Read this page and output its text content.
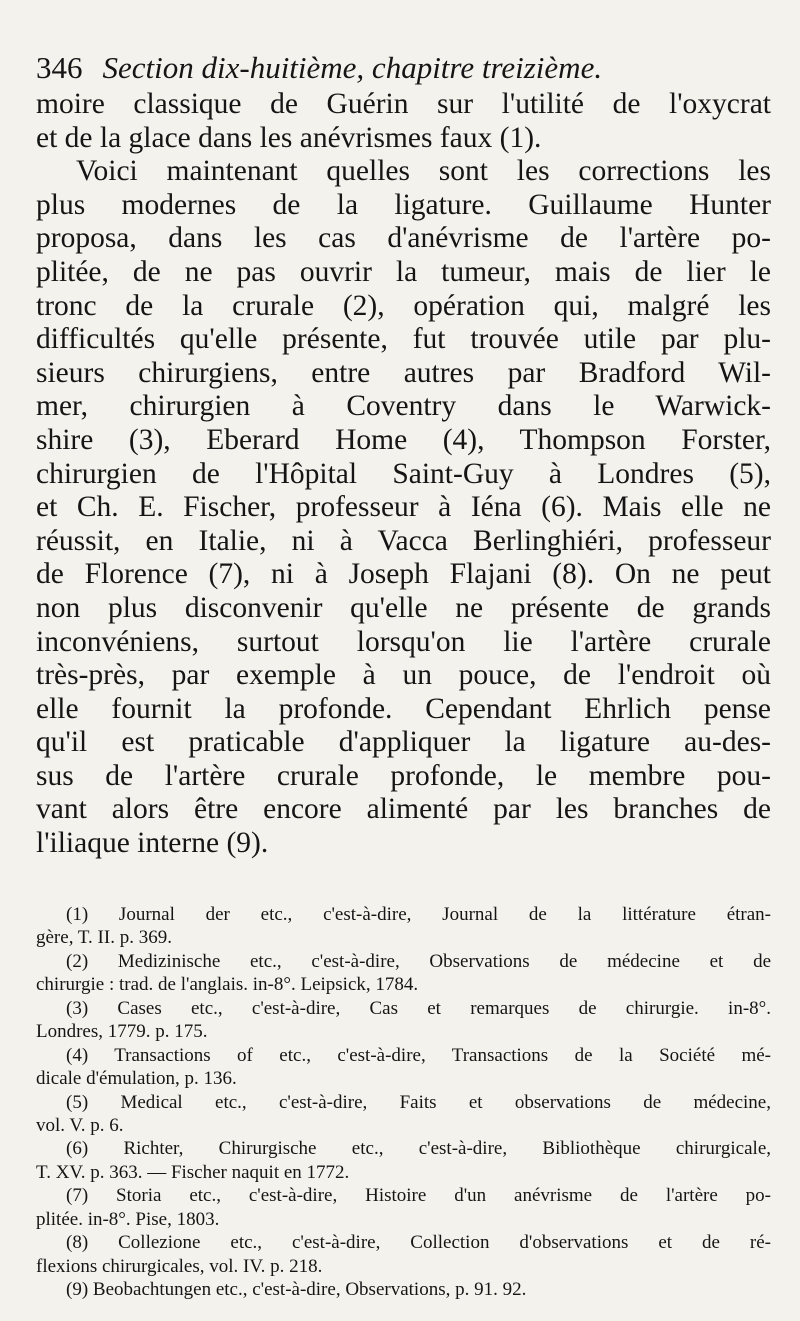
346 Section dix-huitième, chapitre treizième.
moire classique de Guérin sur l'utilité de l'oxycrat
et de la glace dans les anévrismes faux (1).
Voici maintenant quelles sont les corrections les
plus modernes de la ligature. Guillaume Hunter
proposa, dans les cas d'anévrisme de l'artère po-
plitée, de ne pas ouvrir la tumeur, mais de lier le
tronc de la crurale (2), opération qui, malgré les
difficultés qu'elle présente, fut trouvée utile par plu-
sieurs chirurgiens, entre autres par Bradford Wil-
mer, chirurgien à Coventry dans le Warwick-
shire (3), Eberard Home (4), Thompson Forster,
chirurgien de l'Hôpital Saint-Guy à Londres (5),
et Ch. E. Fischer, professeur à Iéna (6). Mais elle ne
réussit, en Italie, ni à Vacca Berlinghiéri, professeur
de Florence (7), ni à Joseph Flajani (8). On ne peut
non plus disconvenir qu'elle ne présente de grands
inconvéniens, surtout lorsqu'on lie l'artère crurale
très-près, par exemple à un pouce, de l'endroit où
elle fournit la profonde. Cependant Ehrlich pense
qu'il est praticable d'appliquer la ligature au-des-
sus de l'artère crurale profonde, le membre pou-
vant alors être encore alimenté par les branches de
l'iliaque interne (9).
(1) Journal der etc., c'est-à-dire, Journal de la littérature étran-
gère, T. II. p. 369.
(2) Medizinische etc., c'est-à-dire, Observations de médecine et de
chirurgie : trad. de l'anglais. in-8°. Leipsick, 1784.
(3) Cases etc., c'est-à-dire, Cas et remarques de chirurgie. in-8°.
Londres, 1779. p. 175.
(4) Transactions of etc., c'est-à-dire, Transactions de la Société mé-
dicale d'émulation, p. 136.
(5) Medical etc., c'est-à-dire, Faits et observations de médecine,
vol. V. p. 6.
(6) Richter, Chirurgische etc., c'est-à-dire, Bibliothèque chirurgicale,
T. XV. p. 363. — Fischer naquit en 1772.
(7) Storia etc., c'est-à-dire, Histoire d'un anévrisme de l'artère po-
plitée. in-8°. Pise, 1803.
(8) Collezione etc., c'est-à-dire, Collection d'observations et de ré-
flexions chirurgicales, vol. IV. p. 218.
(9) Beobachtungen etc., c'est-à-dire, Observations, p. 91. 92.
